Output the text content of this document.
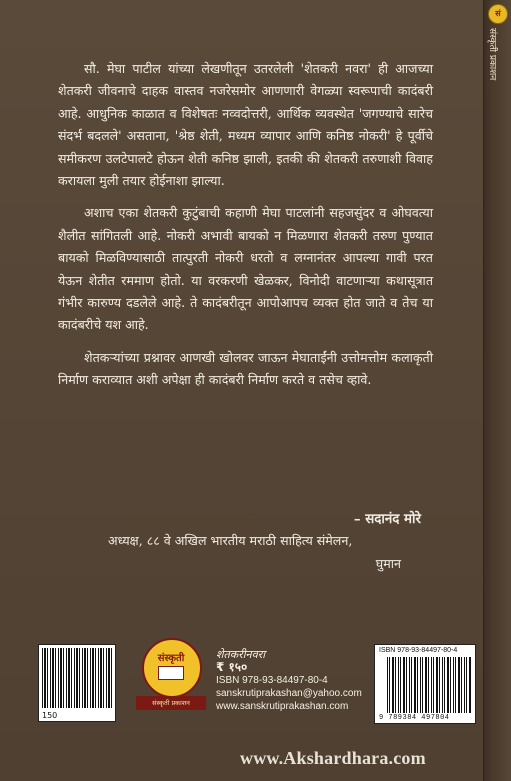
सं
संस्कृती प्रकाशन

सौ. मेघा पाटील यांच्या लेखणीतून उतरलेली 'शेतकरी नवरा' ही आजच्या शेतकरी जीवनाचे दाहक वास्तव नजरेसमोर आणणारी वेगळ्या स्वरूपाची कादंबरी आहे. आधुनिक काळात व विशेषतः नव्वदोत्तरी, आर्थिक व्यवस्थेत 'जगण्याचे सारेच संदर्भ बदलले' असताना, 'श्रेष्ठ शेती, मध्यम व्यापार आणि कनिष्ठ नोकरी' हे पूर्वीचे समीकरण उलटेपालटे होऊन शेती कनिष्ठ झाली, इतकी की शेतकरी तरुणाशी विवाह करायला मुली तयार होईनाशा झाल्या.

अशाच एका शेतकरी कुटुंबाची कहाणी मेघा पाटलांनी सहजसुंदर व ओघवत्या शैलीत सांगितली आहे. नोकरी अभावी बायको न मिळणारा शेतकरी तरुण पुण्यात बायको मिळविण्यासाठी तात्पुरती नोकरी धरतो व लग्नानंतर आपल्या गावी परत येऊन शेतीत रममाण होतो. या वरकरणी खेळकर, विनोदी वाटणाऱ्या कथासूत्रात गंभीर कारुण्य दडलेले आहे. ते कादंबरीतून आपोआपच व्यक्त होत जाते व तेच या कादंबरीचे यश आहे.

शेतकऱ्यांच्या प्रश्नावर आणखी खोलवर जाऊन मेघाताईंनी उत्तोमत्तोम कलाकृती निर्माण कराव्यात अशी अपेक्षा ही कादंबरी निर्माण करते व तसेच व्हावे.

– सदानंद मोरे
अध्यक्ष, ८८ वे अखिल भारतीय मराठी साहित्य संमेलन,
घुमान
150
संस्कृती
संस्कृती प्रकाशन
शेतकरीनवरा
₹ १५०
ISBN 978-93-84497-80-4
sanskrutiprakashan@yahoo.com
www.sanskrutiprakashan.com
ISBN 978-93-84497-80-4
9 789384 497804
www.Akshardhara.com
